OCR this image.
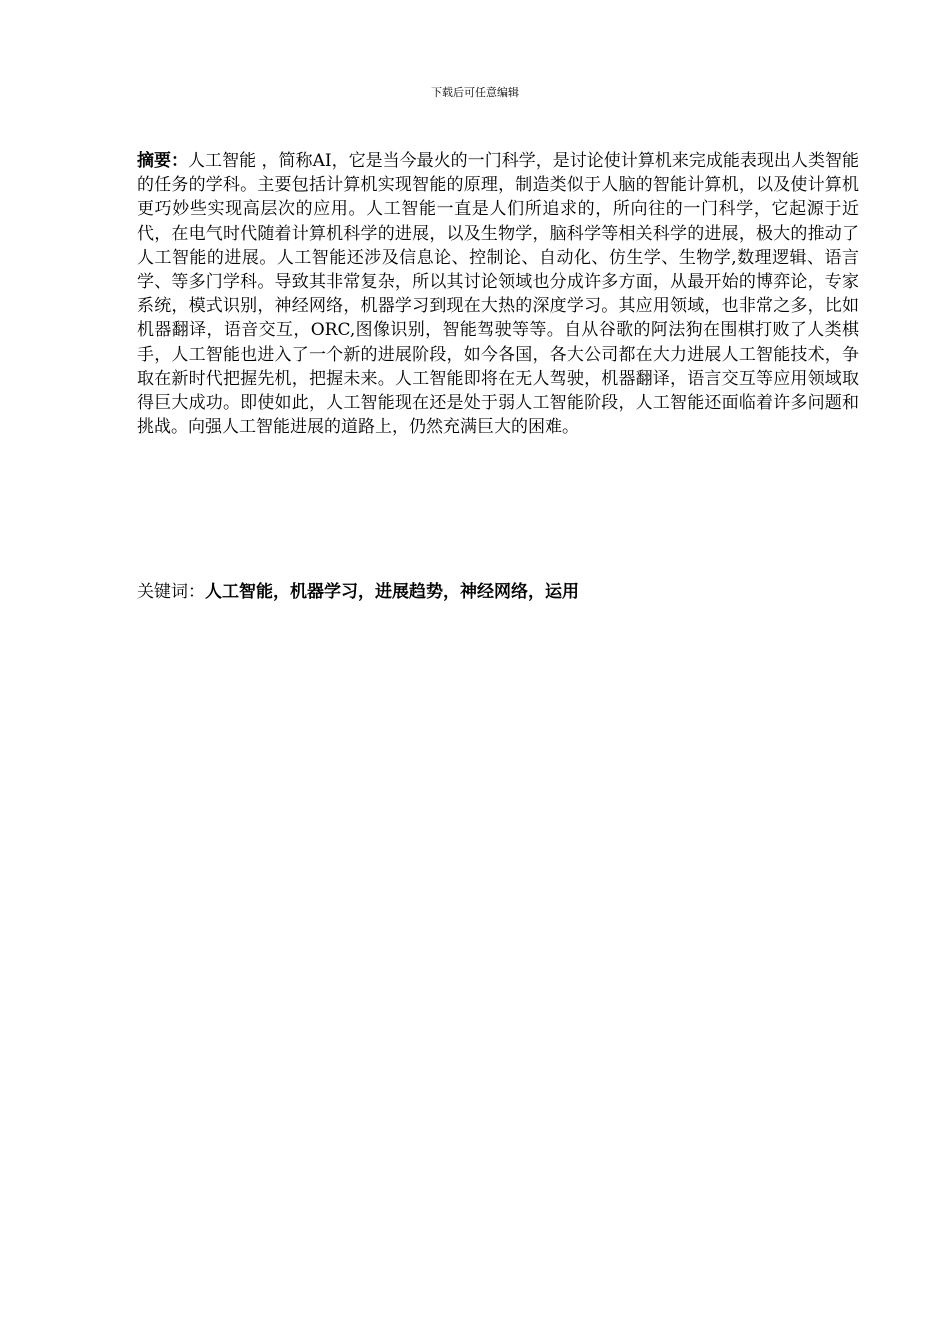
下载后可任意编辑

摘要：人工智能 ，简称AI，它是当今最火的一门科学，是讨论使计算机来完成能表现出人类智能的任务的学科。主要包括计算机实现智能的原理，制造类似于人脑的智能计算机，以及使计算机更巧妙些实现高层次的应用。人工智能一直是人们所追求的，所向往的一门科学，它起源于近代，在电气时代随着计算机科学的进展，以及生物学，脑科学等相关科学的进展，极大的推动了人工智能的进展。人工智能还涉及信息论、控制论、自动化、仿生学、生物学,数理逻辑、语言学、等多门学科。导致其非常复杂，所以其讨论领域也分成许多方面，从最开始的博弈论，专家系统，模式识别，神经网络，机器学习到现在大热的深度学习。其应用领域，也非常之多，比如机器翻译，语音交互，ORC,图像识别，智能驾驶等等。自从谷歌的阿法狗在围棋打败了人类棋手，人工智能也进入了一个新的进展阶段，如今各国，各大公司都在大力进展人工智能技术，争取在新时代把握先机，把握未来。人工智能即将在无人驾驶，机器翻译，语言交互等应用领域取得巨大成功。即使如此，人工智能现在还是处于弱人工智能阶段，人工智能还面临着许多问题和挑战。向强人工智能进展的道路上，仍然充满巨大的困难。

关键词：人工智能，机器学习，进展趋势，神经网络，运用
